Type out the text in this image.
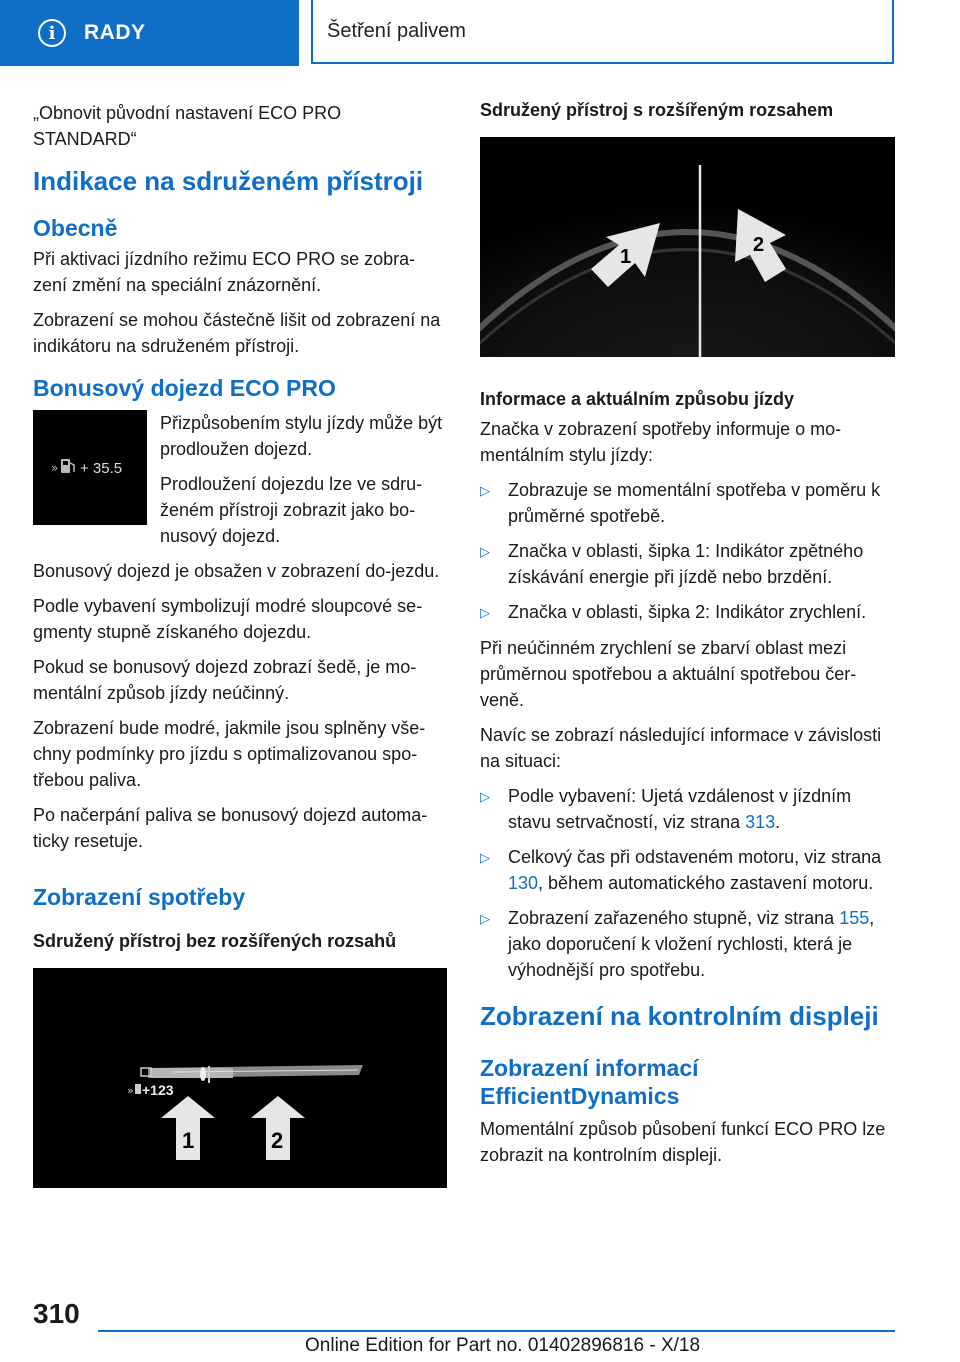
i	RADY	Šetření palivem

„Obnovit původní nastavení ECO PRO STANDARD“

Indikace na sdruženém přístroji
Obecně

Při aktivaci jízdního režimu ECO PRO se zobra-zení změní na speciální znázornění.

Zobrazení se mohou částečně lišit od zobrazení na indikátoru na sdruženém přístroji.

Bonusový dojezd ECO PRO
» + 35.5

Přizpůsobením stylu jízdy může být prodloužen dojezd.

Prodloužení dojezdu lze ve sdru-ženém přístroji zobrazit jako bo-nusový dojezd.

Bonusový dojezd je obsažen v zobrazení do-jezdu.

Podle vybavení symbolizují modré sloupcové se-gmenty stupně získaného dojezdu.

Pokud se bonusový dojezd zobrazí šedě, je mo-mentální způsob jízdy neúčinný.

Zobrazení bude modré, jakmile jsou splněny vše-chny podmínky pro jízdu s optimalizovanou spo-třebou paliva.

Po načerpání paliva se bonusový dojezd automa-ticky resetuje.

Zobrazení spotřeby
Sdružený přístroj bez rozšířených rozsahů
» +123
1	2
Sdružený přístroj s rozšířeným rozsahem
1
2
Informace a aktuálním způsobu jízdy

Značka v zobrazení spotřeby informuje o mo-mentálním stylu jízdy:

▷	Zobrazuje se momentální spotřeba v poměru k průměrné spotřebě.
▷	Značka v oblasti, šipka 1: Indikátor zpětného získávání energie při jízdě nebo brzdění.
▷	Značka v oblasti, šipka 2: Indikátor zrychlení.

Při neúčinném zrychlení se zbarví oblast mezi průměrnou spotřebou a aktuální spotřebou čer-veně.

Navíc se zobrazí následující informace v závislosti na situaci:

▷	Podle vybavení: Ujetá vzdálenost v jízdním stavu setrvačností, viz strana 313.
▷	Celkový čas při odstaveném motoru, viz strana 130, během automatického zastavení motoru.
▷	Zobrazení zařazeného stupně, viz strana 155, jako doporučení k vložení rychlosti, která je výhodnější pro spotřebu.
Zobrazení na kontrolním displeji
Zobrazení informací EfficientDynamics

Momentální způsob působení funkcí ECO PRO lze zobrazit na kontrolním displeji.

310
Online Edition for Part no. 01402896816 - X/18
